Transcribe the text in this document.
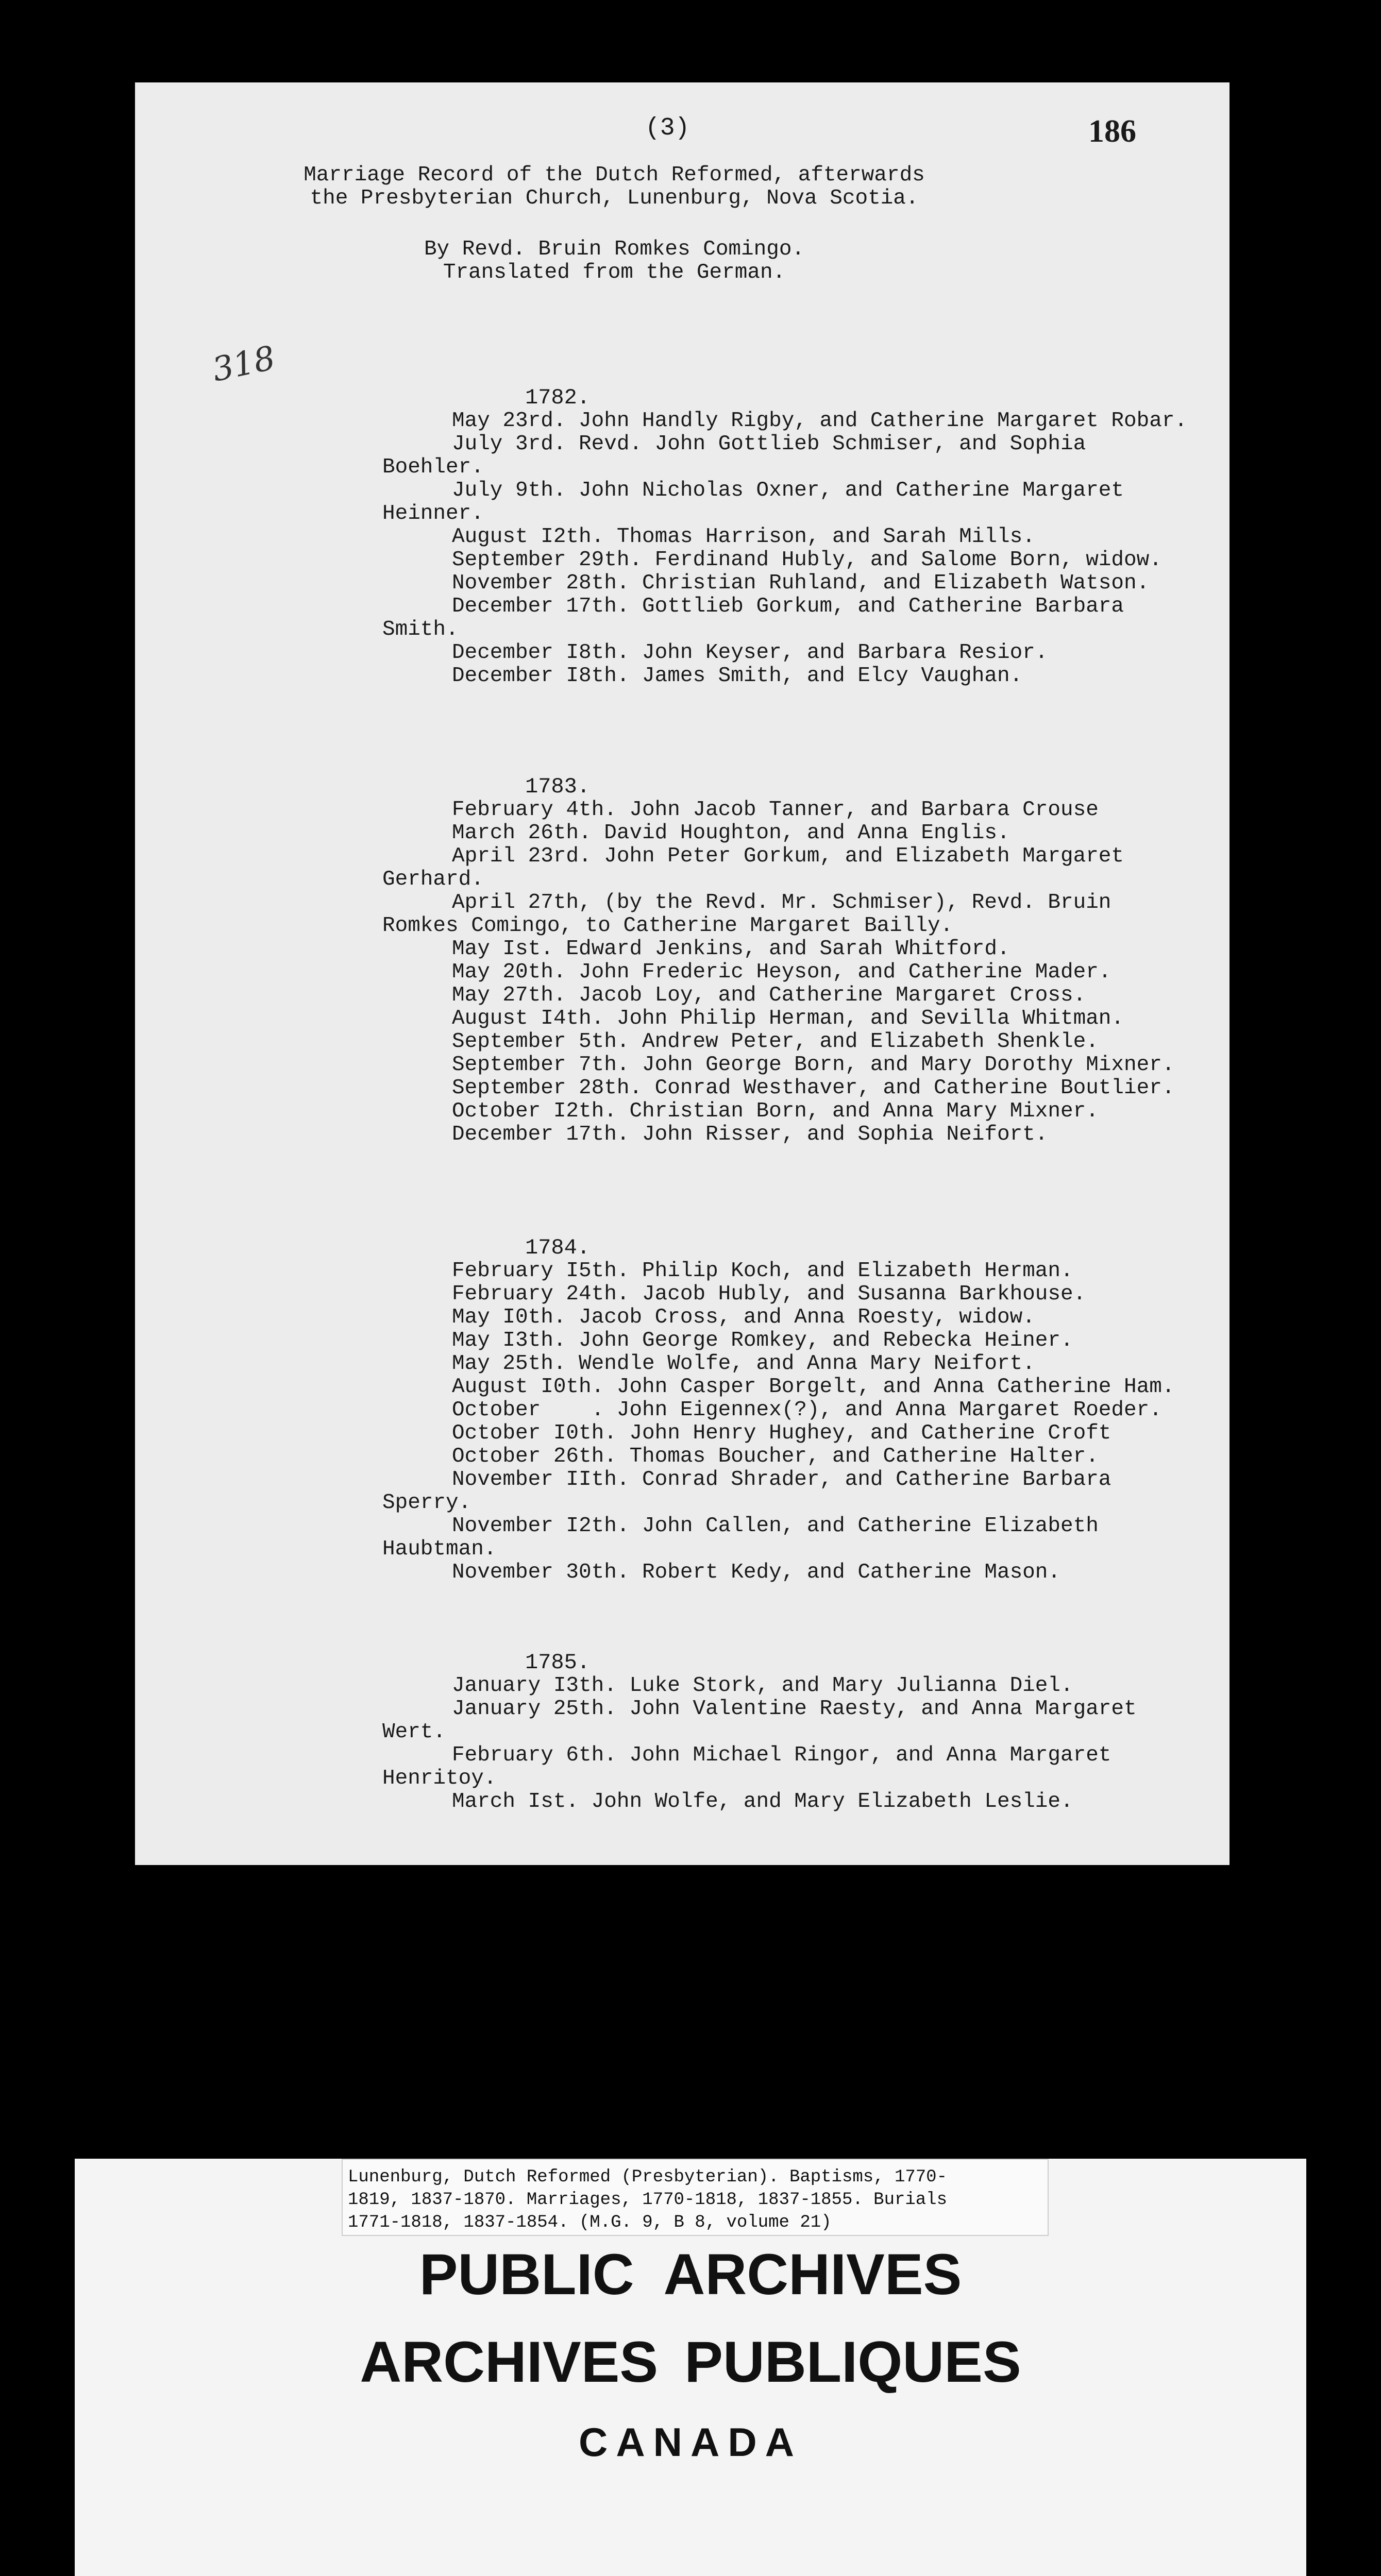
(3)	186
318
Marriage Record of the Dutch Reformed, afterwards
the Presbyterian Church, Lunenburg, Nova Scotia.
By Revd. Bruin Romkes Comingo.
Translated from the German.
1782.

May 23rd. John Handly Rigby, and Catherine Margaret Robar.

July 3rd. Revd. John Gottlieb Schmiser, and Sophia Boehler.

July 9th. John Nicholas Oxner, and Catherine Margaret Heinner.

August I2th. Thomas Harrison, and Sarah Mills.

September 29th. Ferdinand Hubly, and Salome Born, widow.

November 28th. Christian Ruhland, and Elizabeth Watson.

December 17th. Gottlieb Gorkum, and Catherine Barbara Smith.

December I8th. John Keyser, and Barbara Resior.

December I8th. James Smith, and Elcy Vaughan.

1783.

February 4th. John Jacob Tanner, and Barbara Crouse

March 26th. David Houghton, and Anna Englis.

April 23rd. John Peter Gorkum, and Elizabeth Margaret Gerhard.

April 27th, (by the Revd. Mr. Schmiser), Revd. Bruin Romkes Comingo, to Catherine Margaret Bailly.

May Ist. Edward Jenkins, and Sarah Whitford.

May 20th. John Frederic Heyson, and Catherine Mader.

May 27th. Jacob Loy, and Catherine Margaret Cross.

August I4th. John Philip Herman, and Sevilla Whitman.

September 5th. Andrew Peter, and Elizabeth Shenkle.

September 7th. John George Born, and Mary Dorothy Mixner.

September 28th. Conrad Westhaver, and Catherine Boutlier.

October I2th. Christian Born, and Anna Mary Mixner.

December 17th. John Risser, and Sophia Neifort.

1784.

February I5th. Philip Koch, and Elizabeth Herman.

February 24th. Jacob Hubly, and Susanna Barkhouse.

May I0th. Jacob Cross, and Anna Roesty, widow.

May I3th. John George Romkey, and Rebecka Heiner.

May 25th. Wendle Wolfe, and Anna Mary Neifort.

August I0th. John Casper Borgelt, and Anna Catherine Ham.

October    . John Eigennex(?), and Anna Margaret Roeder.

October I0th. John Henry Hughey, and Catherine Croft

October 26th. Thomas Boucher, and Catherine Halter.

November IIth. Conrad Shrader, and Catherine Barbara Sperry.

November I2th. John Callen, and Catherine Elizabeth Haubtman.

November 30th. Robert Kedy, and Catherine Mason.

1785.

January I3th. Luke Stork, and Mary Julianna Diel.

January 25th. John Valentine Raesty, and Anna Margaret Wert.

February 6th. John Michael Ringor, and Anna Margaret Henritoy.

March Ist. John Wolfe, and Mary Elizabeth Leslie.

Lunenburg, Dutch Reformed (Presbyterian). Baptisms, 1770-
1819, 1837-1870. Marriages, 1770-1818, 1837-1855. Burials
1771-1818, 1837-1854. (M.G. 9, B 8, volume 21)
PUBLIC ARCHIVES
ARCHIVES PUBLIQUES
CANADA
